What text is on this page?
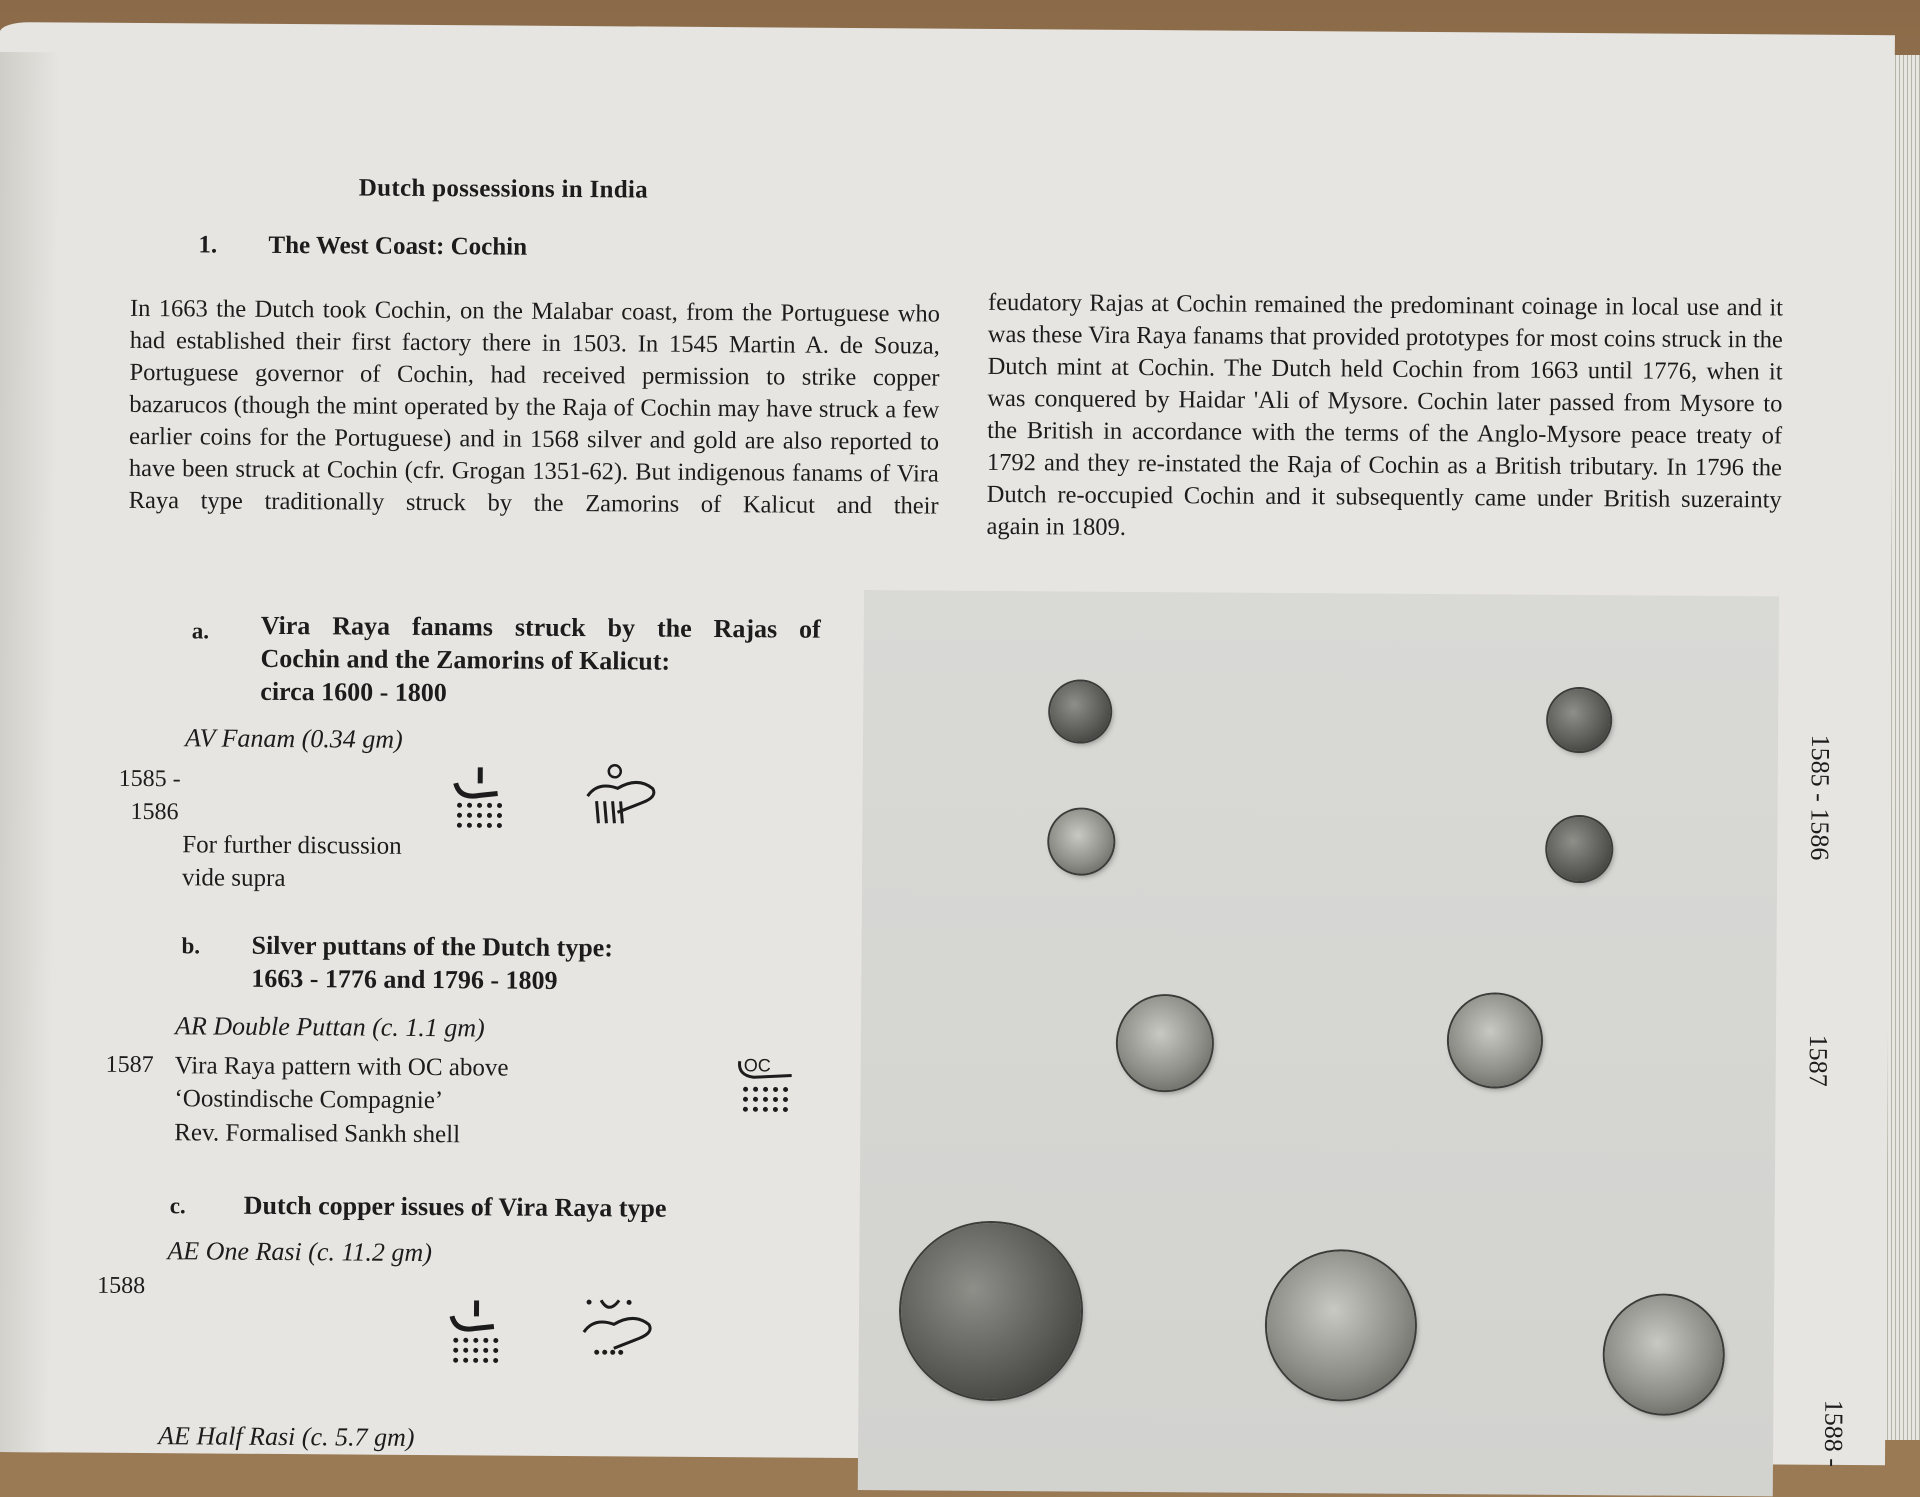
Dutch possessions in India
1. The West Coast: Cochin
In 1663 the Dutch took Cochin, on the Malabar coast, from the Portuguese who had established their first factory there in 1503. In 1545 Martin A. de Souza, Portuguese governor of Cochin, had received permission to strike copper bazarucos (though the mint operated by the Raja of Cochin may have struck a few earlier coins for the Portuguese) and in 1568 silver and gold are also reported to have been struck at Cochin (cfr. Grogan 1351-62). But indigenous fanams of Vira Raya type traditionally struck by the Zamorins of Kalicut and their
feudatory Rajas at Cochin remained the predominant coinage in local use and it was these Vira Raya fanams that provided prototypes for most coins struck in the Dutch mint at Cochin. The Dutch held Cochin from 1663 until 1776, when it was conquered by Haidar 'Ali of Mysore. Cochin later passed from Mysore to the British in accordance with the terms of the Anglo-Mysore peace treaty of 1792 and they re-instated the Raja of Cochin as a British tributary. In 1796 the Dutch re-occupied Cochin and it subsequently came under British suzerainty
again in 1809.
a. Vira Raya fanams struck by the Rajas of
Cochin and the Zamorins of Kalicut:
circa 1600 - 1800
AV Fanam (0.34 gm)
1585 -
1586
For further discussion
vide supra
b. Silver puttans of the Dutch type:
1663 - 1776 and 1796 - 1809
AR Double Puttan (c. 1.1 gm)
1587 Vira Raya pattern with OC above
‘Oostindische Compagnie’
Rev. Formalised Sankh shell
OC
c. Dutch copper issues of Vira Raya type
AE One Rasi (c. 11.2 gm)
1588
AE Half Rasi (c. 5.7 gm)
1585 - 1586
1587
1588 -
